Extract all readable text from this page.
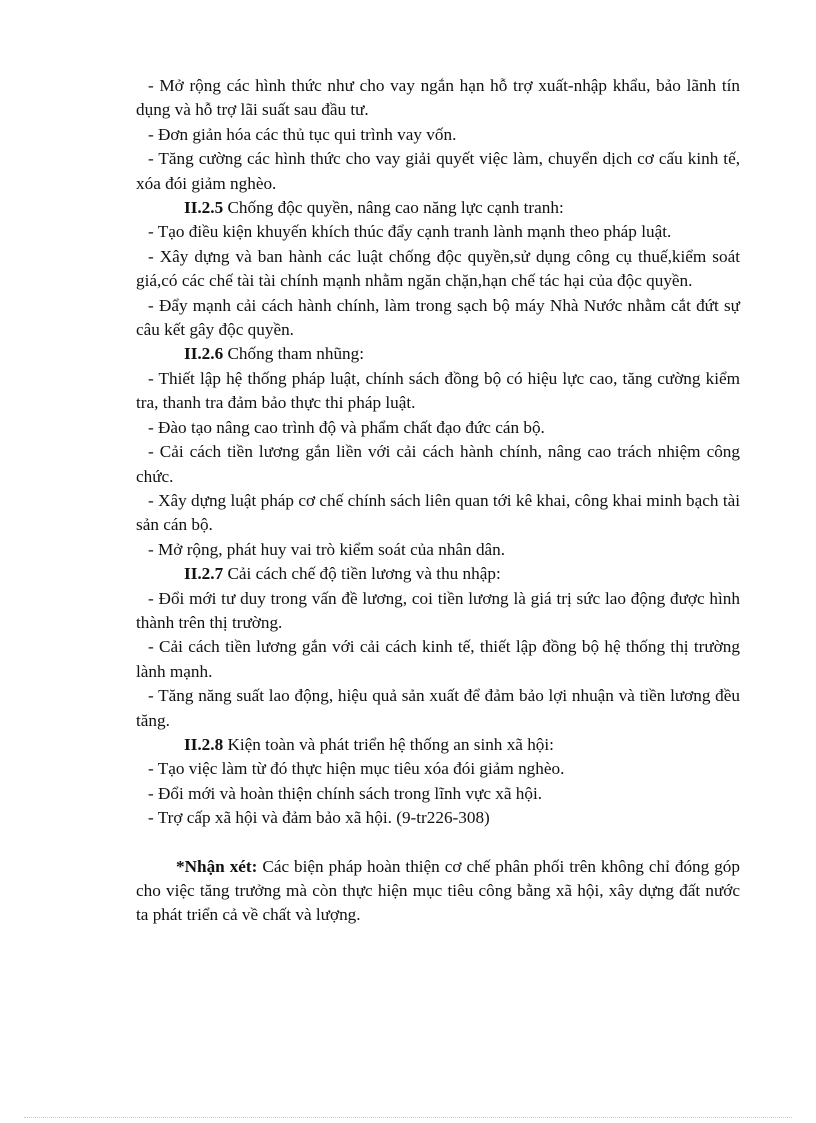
- Mở rộng các hình thức như cho vay ngắn hạn hỗ trợ xuất-nhập khẩu, bảo lãnh tín dụng và hỗ trợ lãi suất sau đầu tư.

- Đơn giản hóa các thủ tục qui trình vay vốn.

- Tăng cường các hình thức cho vay giải quyết việc làm, chuyển dịch cơ cấu kinh tế, xóa đói giảm nghèo.

II.2.5 Chống độc quyền, nâng cao năng lực cạnh tranh:

- Tạo điều kiện khuyến khích thúc đẩy cạnh tranh lành mạnh theo pháp luật.

- Xây dựng và ban hành các luật chống độc quyền,sử dụng công cụ thuế,kiểm soát giá,có các chế tài tài chính mạnh nhằm ngăn chặn,hạn chế tác hại của độc quyền.

- Đẩy mạnh cải cách hành chính, làm trong sạch bộ máy Nhà Nước nhằm cắt đứt sự câu kết gây độc quyền.

II.2.6 Chống tham nhũng:

- Thiết lập hệ thống pháp luật, chính sách đồng bộ có hiệu lực cao, tăng cường kiểm tra, thanh tra đảm bảo thực thi pháp luật.

- Đào tạo nâng cao trình độ và phẩm chất đạo đức cán bộ.

- Cải cách tiền lương gắn liền với cải cách hành chính, nâng cao trách nhiệm công chức.

- Xây dựng luật pháp cơ chế chính sách liên quan tới kê khai, công khai minh bạch tài sản cán bộ.

- Mở rộng, phát huy vai trò kiểm soát của nhân dân.

II.2.7 Cải cách chế độ tiền lương và thu nhập:

- Đổi mới tư duy trong vấn đề lương, coi tiền lương là giá trị sức lao động được hình thành trên thị trường.

- Cải cách tiền lương gắn với cải cách kinh tế, thiết lập đồng bộ hệ thống thị trường lành mạnh.

- Tăng năng suất lao động, hiệu quả sản xuất để đảm bảo lợi nhuận và tiền lương đều tăng.

II.2.8 Kiện toàn và phát triển hệ thống an sinh xã hội:

- Tạo việc làm từ đó thực hiện mục tiêu xóa đói giảm nghèo.

- Đổi mới và hoàn thiện chính sách trong lĩnh vực xã hội.

- Trợ cấp xã hội và đảm bảo xã hội. (9-tr226-308)

*Nhận xét: Các biện pháp hoàn thiện cơ chế phân phối trên không chỉ đóng góp cho việc tăng trưởng mà còn thực hiện mục tiêu công bằng xã hội, xây dựng đất nước ta phát triển cả về chất và lượng.
